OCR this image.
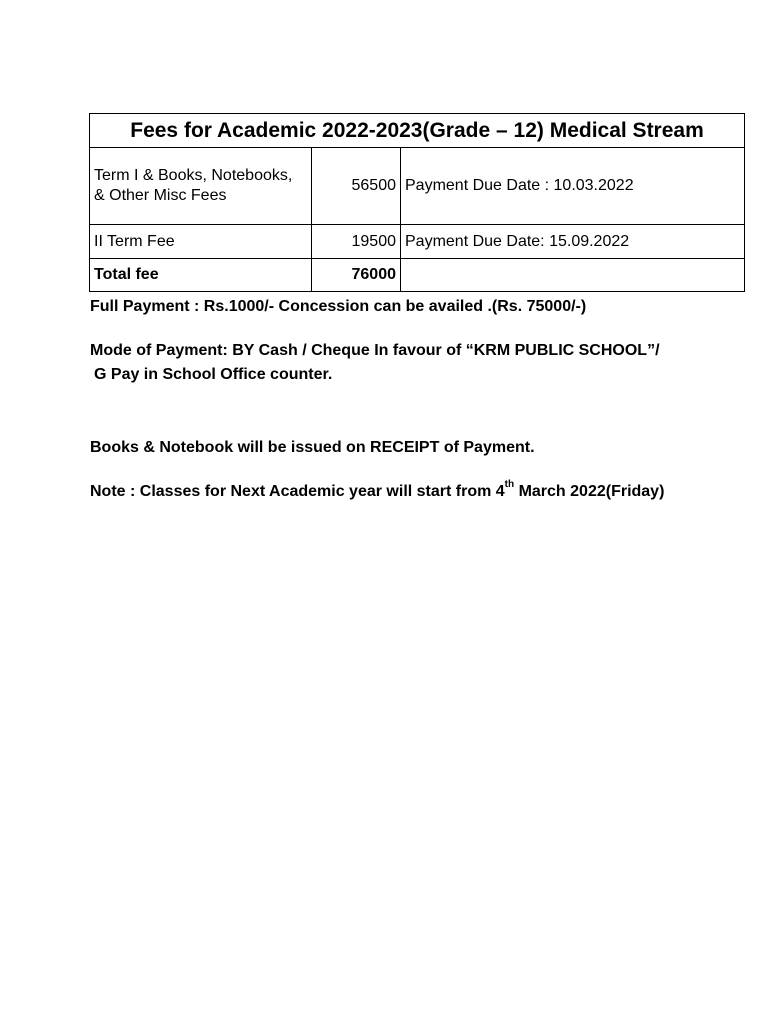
Fees for Academic 2022-2023(Grade – 12) Medical Stream		
Term I & Books, Notebooks, & Other Misc Fees	56500	Payment Due Date : 10.03.2022
II Term Fee	19500	Payment Due Date: 15.09.2022
Total fee	76000	
Full Payment : Rs.1000/- Concession can be availed .(Rs. 75000/-)
Mode of Payment: BY Cash / Cheque In favour of “KRM PUBLIC SCHOOL”/
G Pay in School Office counter.
Books & Notebook will be issued on RECEIPT of Payment.
Note : Classes for Next Academic year will start from 4th March 2022(Friday)
